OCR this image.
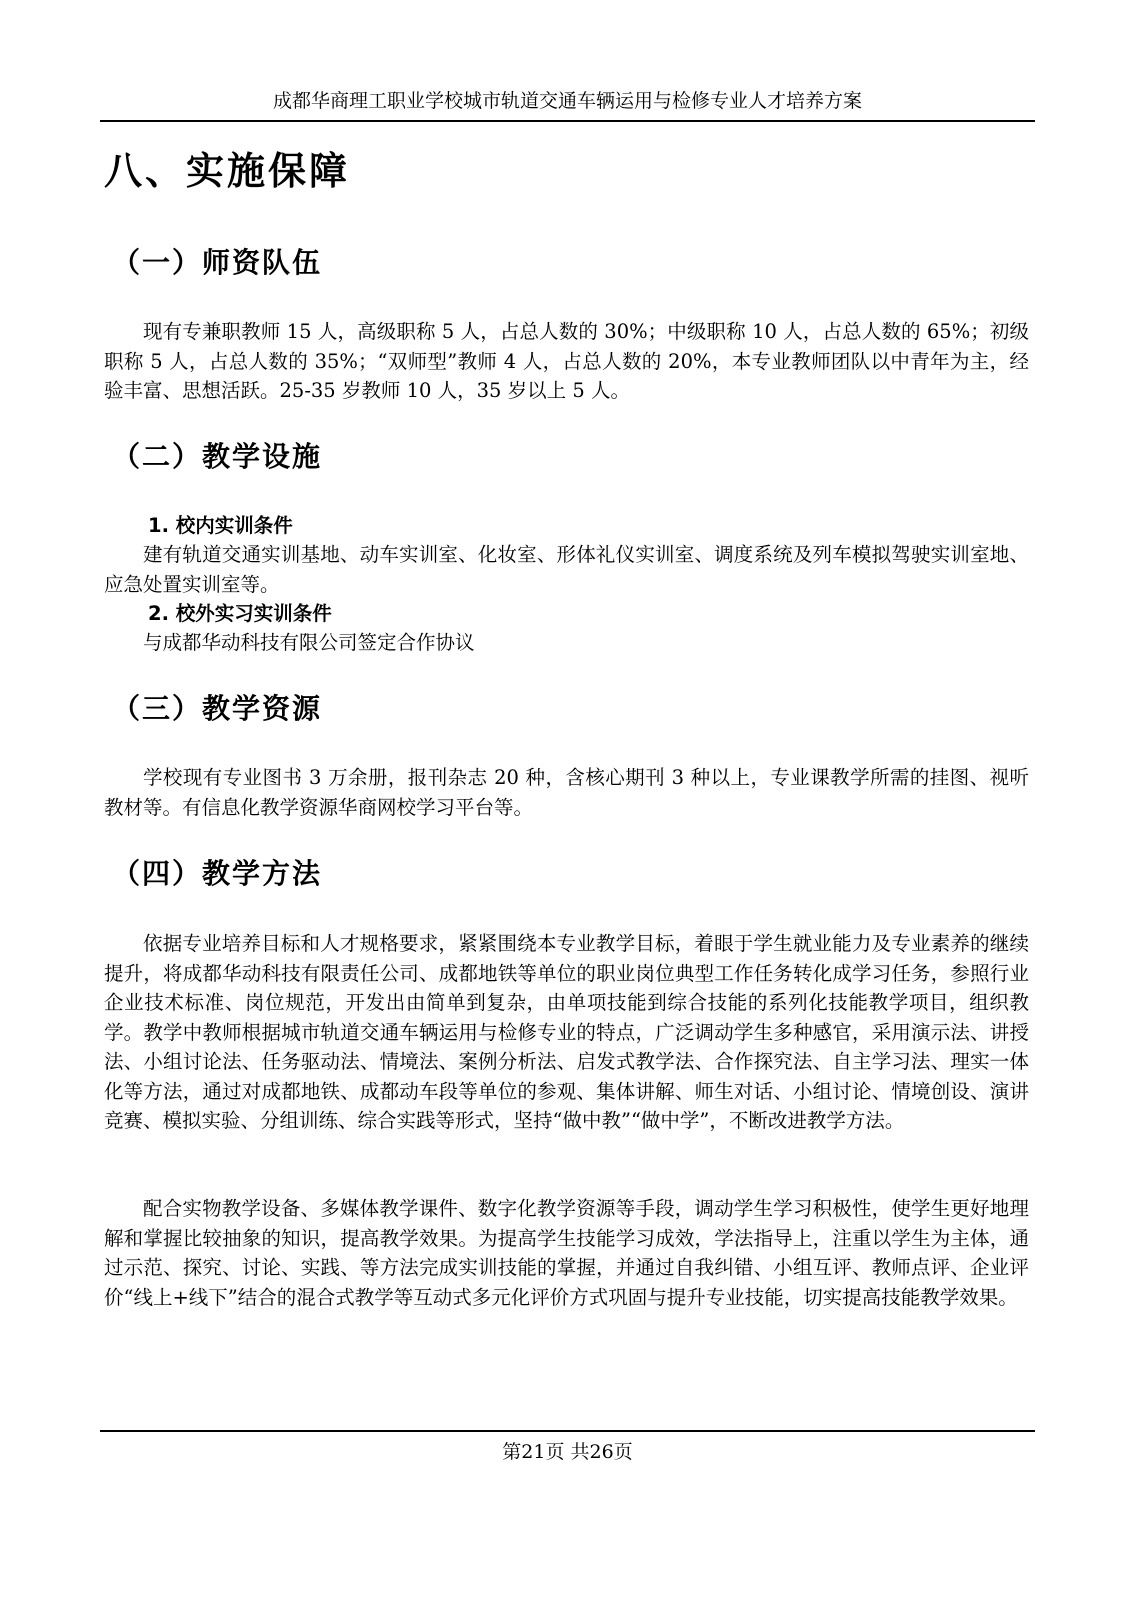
成都华商理工职业学校城市轨道交通车辆运用与检修专业人才培养方案
八、实施保障
（一）师资队伍

现有专兼职教师 15 人，高级职称 5 人，占总人数的 30%；中级职称 10 人，占总人数的 65%；初级职称 5 人，占总人数的 35%；“双师型”教师 4 人，占总人数的 20%，本专业教师团队以中青年为主，经验丰富、思想活跃。25-35 岁教师 10 人，35 岁以上 5 人。

（二）教学设施
1. 校内实训条件

建有轨道交通实训基地、动车实训室、化妆室、形体礼仪实训室、调度系统及列车模拟驾驶实训室地、应急处置实训室等。

2. 校外实习实训条件

与成都华动科技有限公司签定合作协议

（三）教学资源

学校现有专业图书 3 万余册，报刊杂志 20 种，含核心期刊 3 种以上，专业课教学所需的挂图、视听教材等。有信息化教学资源华商网校学习平台等。

（四）教学方法

依据专业培养目标和人才规格要求，紧紧围绕本专业教学目标，着眼于学生就业能力及专业素养的继续提升，将成都华动科技有限责任公司、成都地铁等单位的职业岗位典型工作任务转化成学习任务，参照行业企业技术标准、岗位规范，开发出由简单到复杂，由单项技能到综合技能的系列化技能教学项目，组织教学。教学中教师根据城市轨道交通车辆运用与检修专业的特点，广泛调动学生多种感官，采用演示法、讲授法、小组讨论法、任务驱动法、情境法、案例分析法、启发式教学法、合作探究法、自主学习法、理实一体化等方法，通过对成都地铁、成都动车段等单位的参观、集体讲解、师生对话、小组讨论、情境创设、演讲竞赛、模拟实验、分组训练、综合实践等形式，坚持“做中教”“做中学”，不断改进教学方法。

配合实物教学设备、多媒体教学课件、数字化教学资源等手段，调动学生学习积极性，使学生更好地理解和掌握比较抽象的知识，提高教学效果。为提高学生技能学习成效，学法指导上，注重以学生为主体，通过示范、探究、讨论、实践、等方法完成实训技能的掌握，并通过自我纠错、小组互评、教师点评、企业评价“线上+线下”结合的混合式教学等互动式多元化评价方式巩固与提升专业技能，切实提高技能教学效果。

第21页 共26页
